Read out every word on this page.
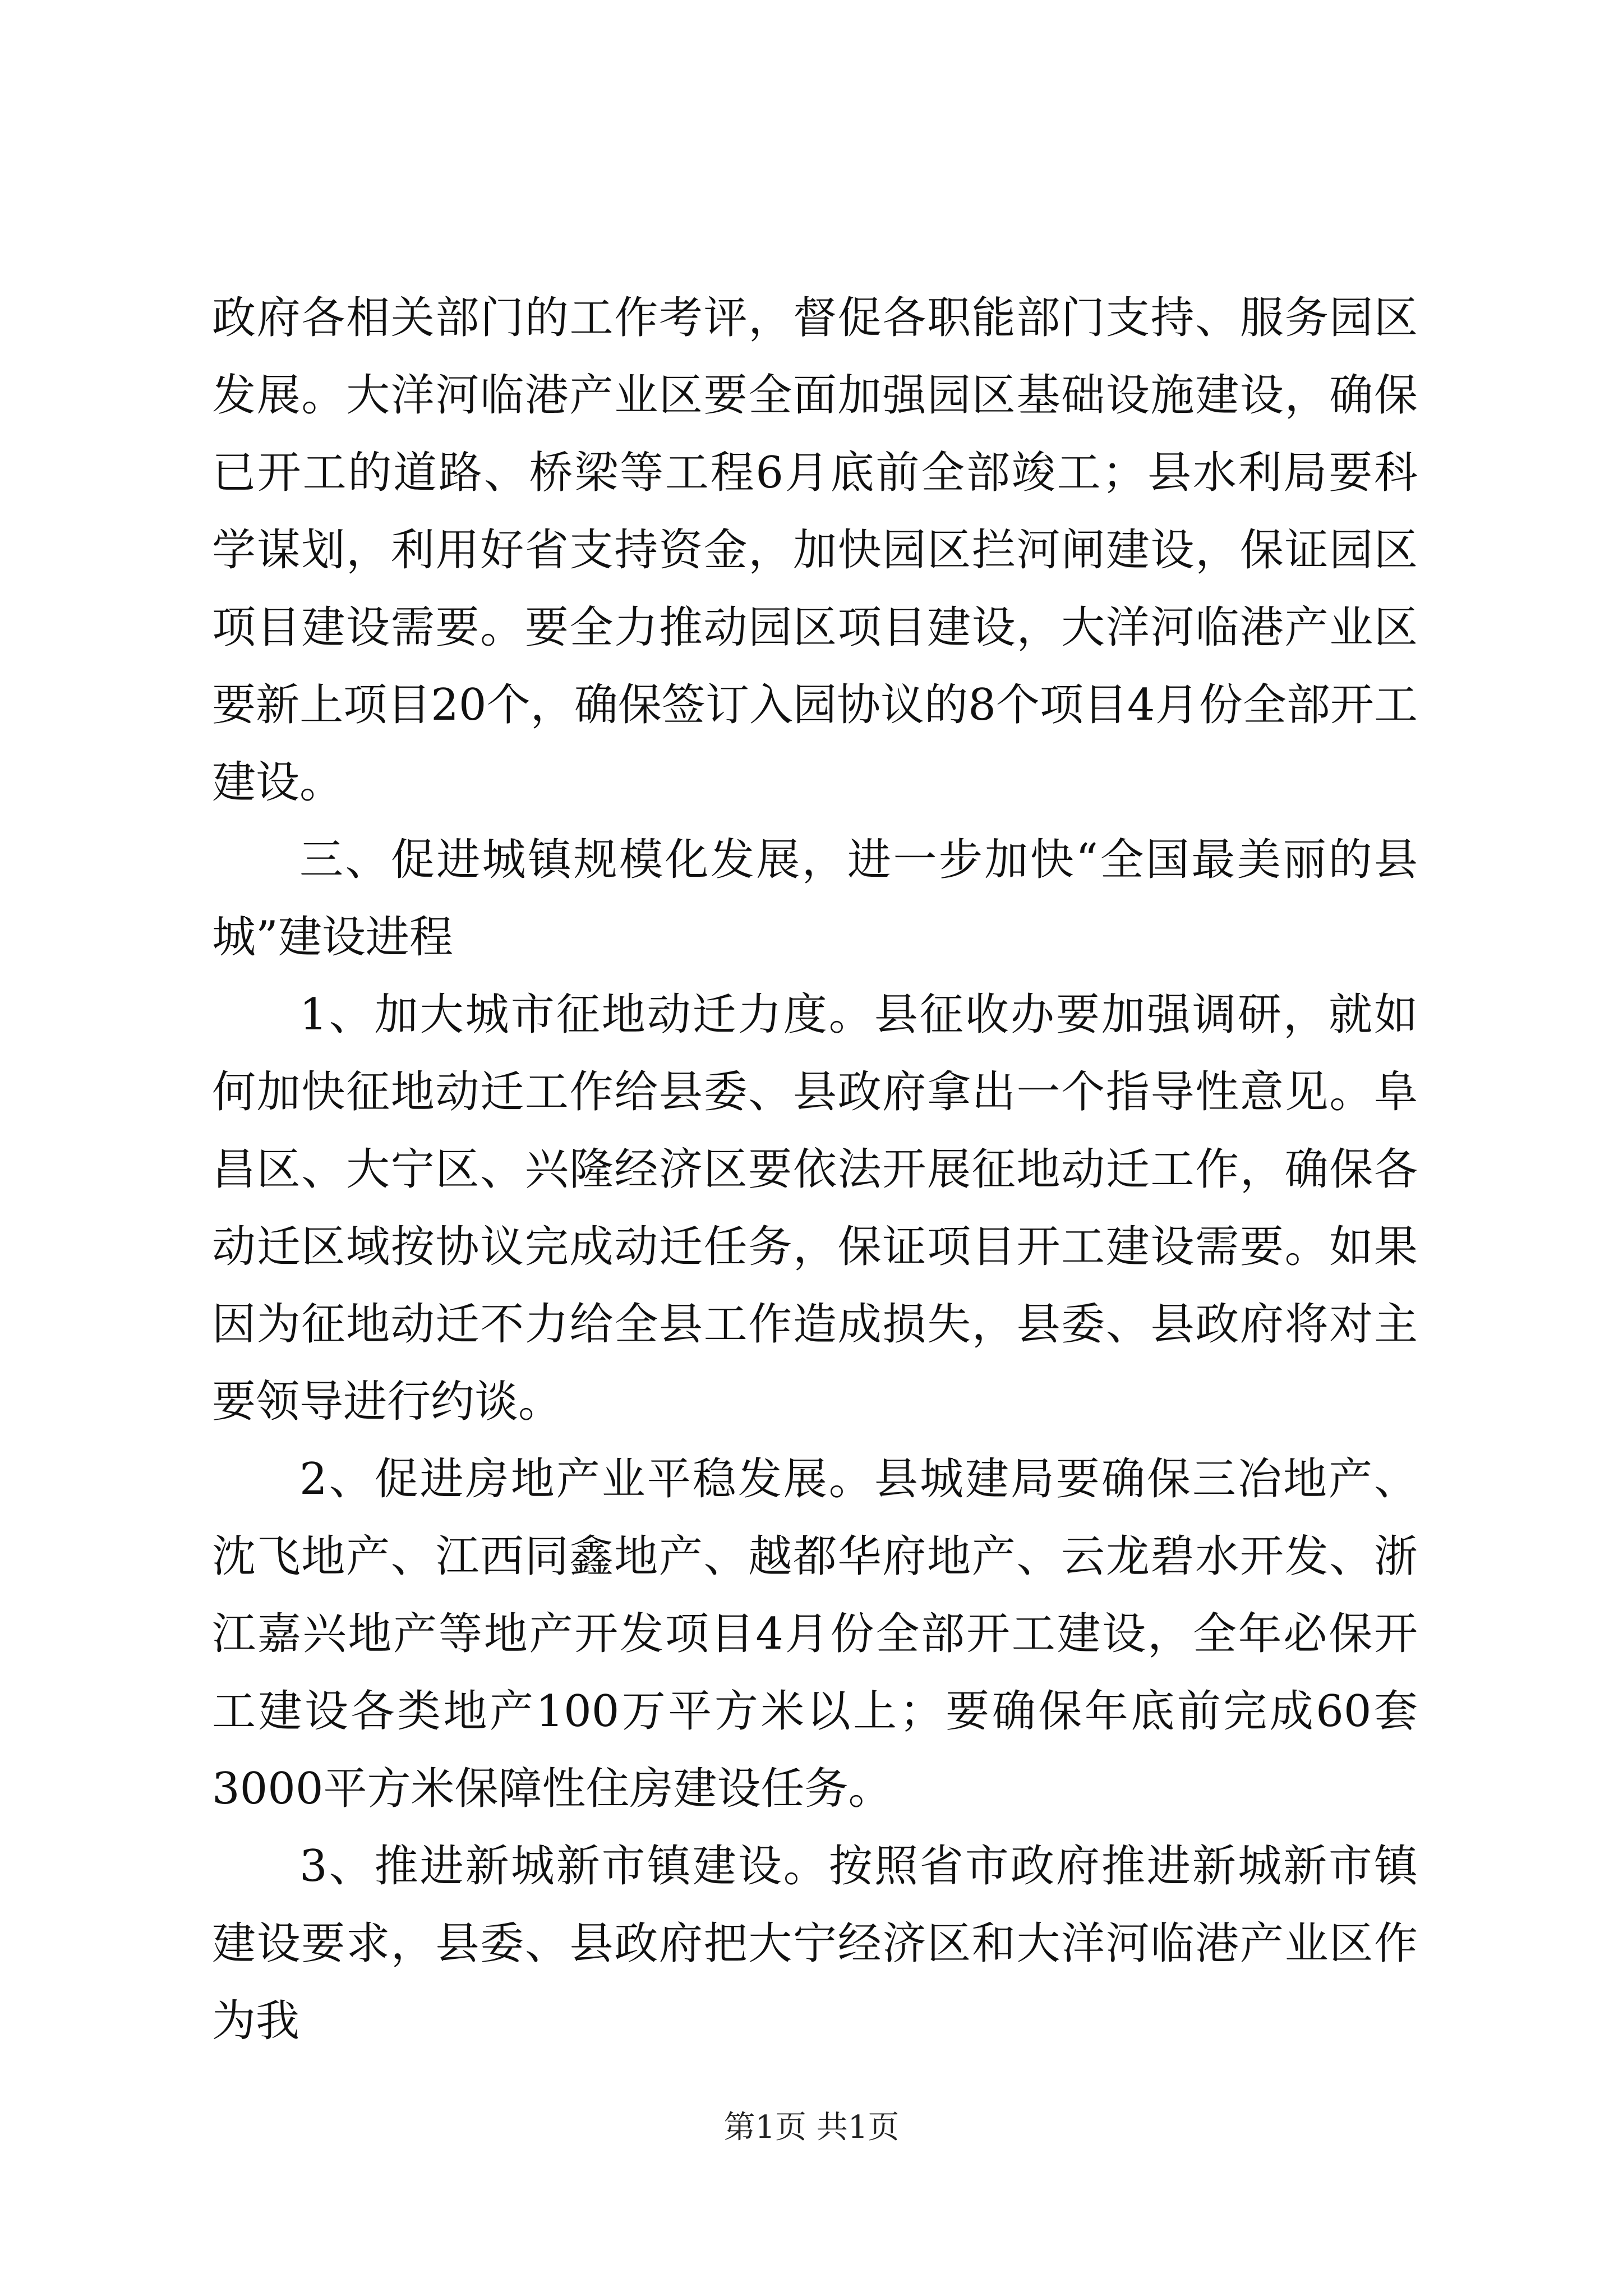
政府各相关部门的工作考评，督促各职能部门支持、服务园区发展。大洋河临港产业区要全面加强园区基础设施建设，确保已开工的道路、桥梁等工程6月底前全部竣工；县水利局要科学谋划，利用好省支持资金，加快园区拦河闸建设，保证园区项目建设需要。要全力推动园区项目建设，大洋河临港产业区要新上项目20个，确保签订入园协议的8个项目4月份全部开工建设。

三、促进城镇规模化发展，进一步加快“全国最美丽的县城”建设进程

1、加大城市征地动迁力度。县征收办要加强调研，就如何加快征地动迁工作给县委、县政府拿出一个指导性意见。阜昌区、大宁区、兴隆经济区要依法开展征地动迁工作，确保各动迁区域按协议完成动迁任务，保证项目开工建设需要。如果因为征地动迁不力给全县工作造成损失，县委、县政府将对主要领导进行约谈。

2、促进房地产业平稳发展。县城建局要确保三冶地产、沈飞地产、江西同鑫地产、越都华府地产、云龙碧水开发、浙江嘉兴地产等地产开发项目4月份全部开工建设，全年必保开工建设各类地产100万平方米以上；要确保年底前完成60套3000平方米保障性住房建设任务。

3、推进新城新市镇建设。按照省市政府推进新城新市镇建设要求，县委、县政府把大宁经济区和大洋河临港产业区作为我

第1页 共1页
